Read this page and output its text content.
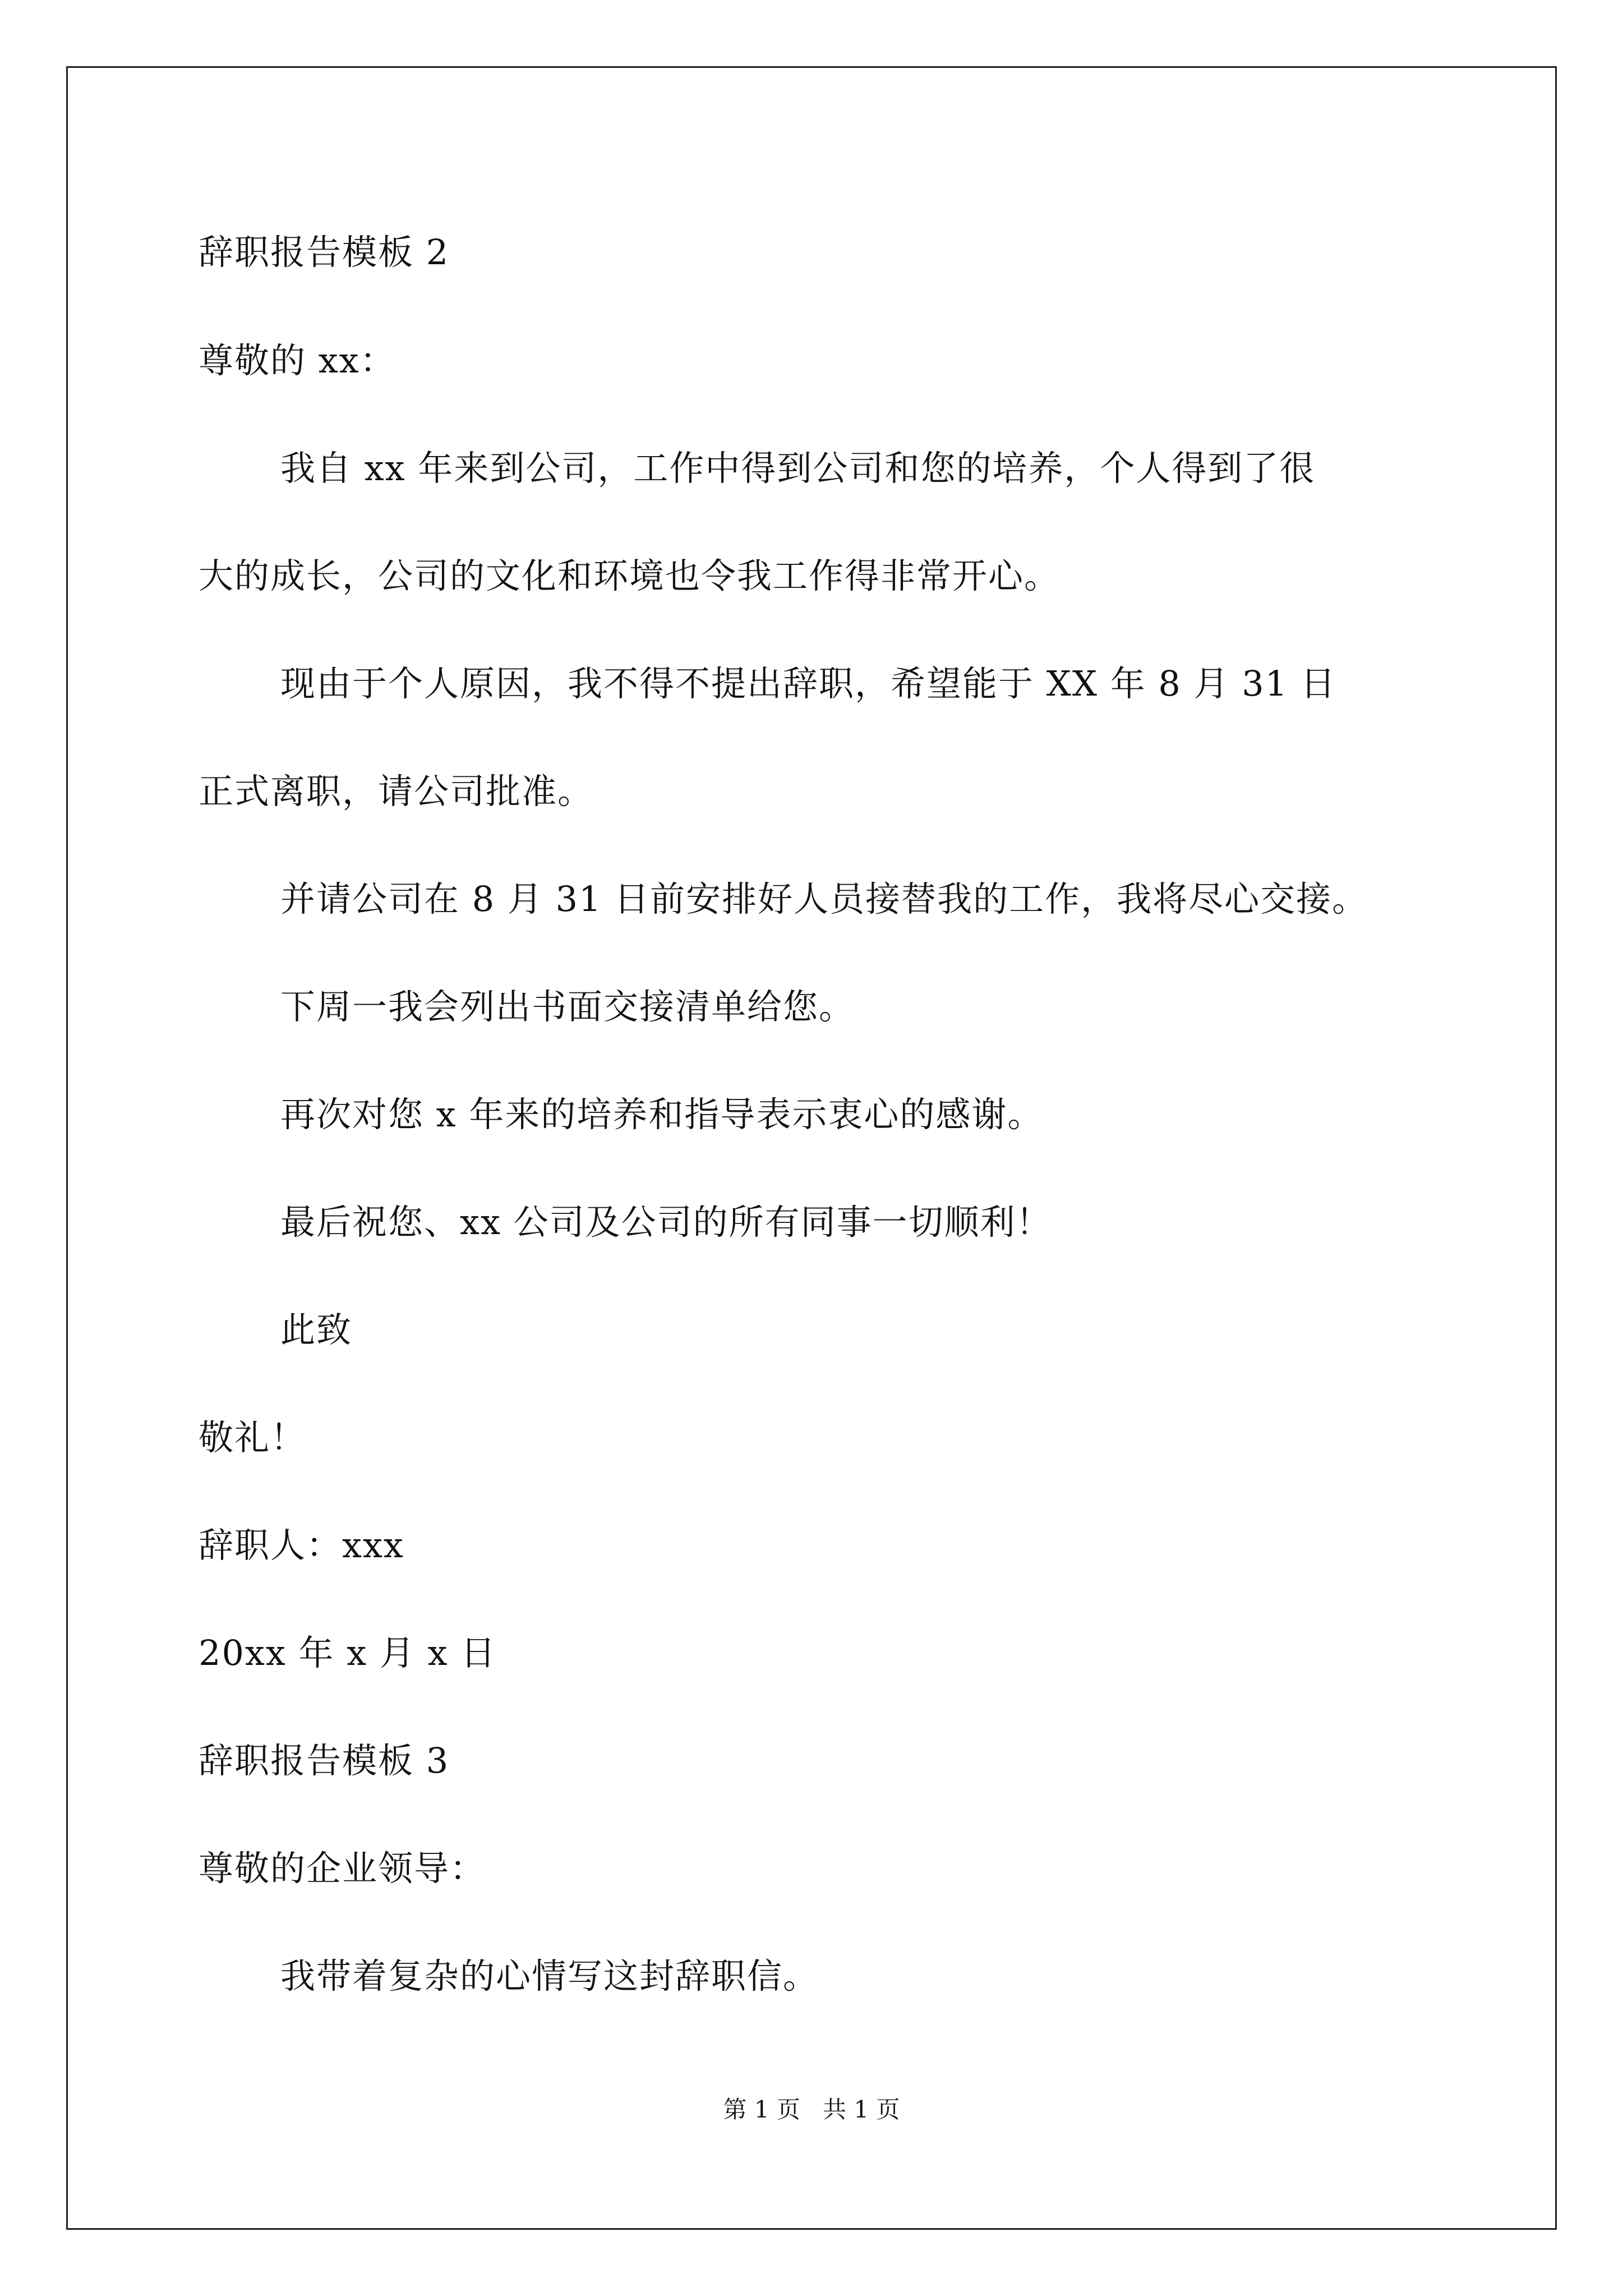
辞职报告模板 2
尊敬的 xx：
我自 xx 年来到公司，工作中得到公司和您的培养，个人得到了很
大的成长，公司的文化和环境也令我工作得非常开心。
现由于个人原因，我不得不提出辞职，希望能于 XX 年 8 月 31 日
正式离职，请公司批准。
并请公司在 8 月 31 日前安排好人员接替我的工作，我将尽心交接。
下周一我会列出书面交接清单给您。
再次对您 x 年来的培养和指导表示衷心的感谢。
最后祝您、xx 公司及公司的所有同事一切顺利！
此致
敬礼！
辞职人：xxx
20xx 年 x 月 x 日
辞职报告模板 3
尊敬的企业领导：
我带着复杂的心情写这封辞职信。
第 1 页   共 1 页
